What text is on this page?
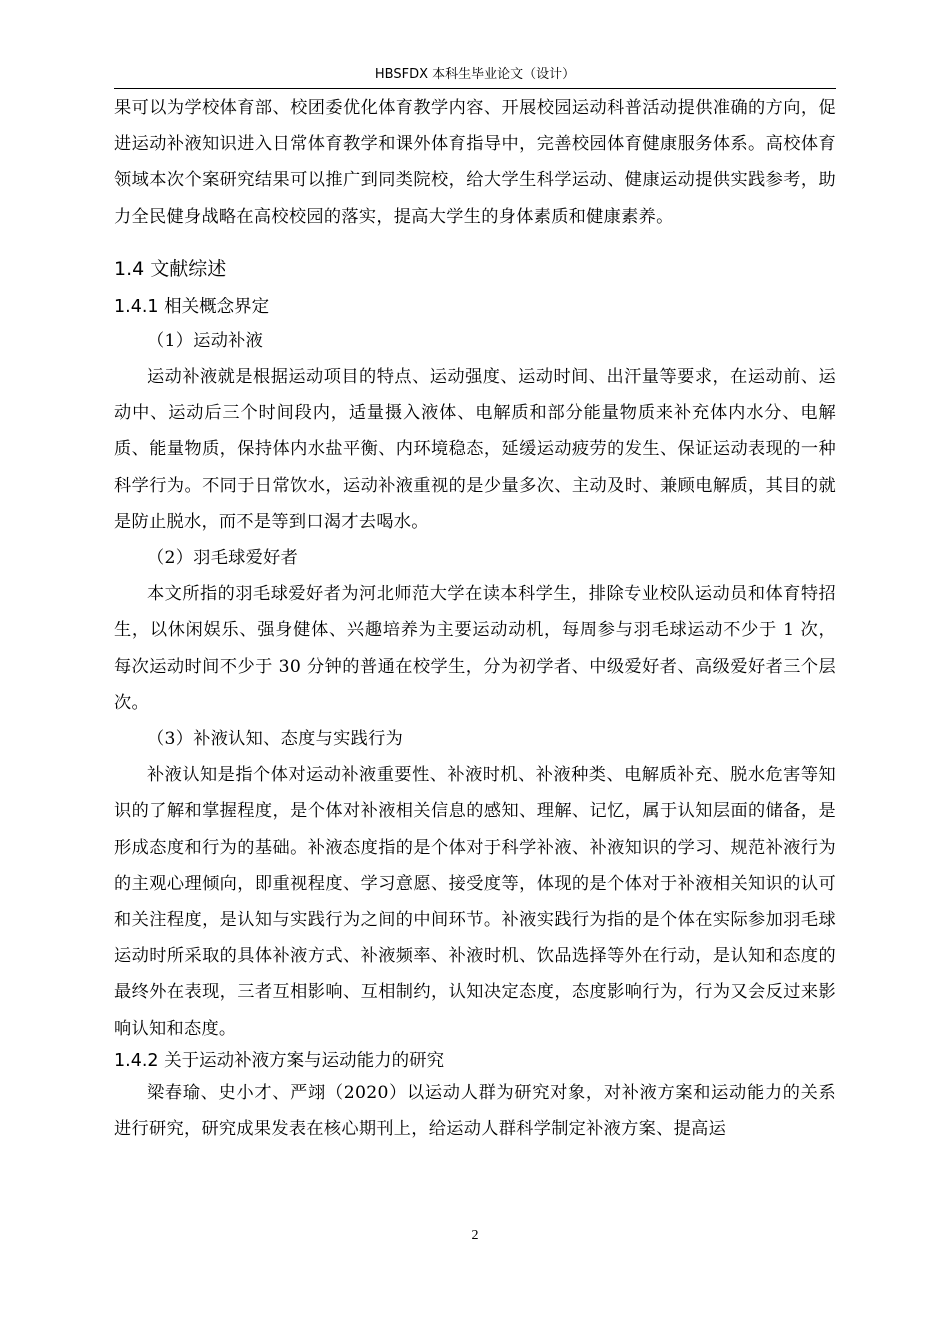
HBSFDX 本科生毕业论文（设计）

果可以为学校体育部、校团委优化体育教学内容、开展校园运动科普活动提供准确的方向，促进运动补液知识进入日常体育教学和课外体育指导中，完善校园体育健康服务体系。高校体育领域本次个案研究结果可以推广到同类院校，给大学生科学运动、健康运动提供实践参考，助力全民健身战略在高校校园的落实，提高大学生的身体素质和健康素养。

1.4 文献综述
1.4.1 相关概念界定

（1）运动补液

运动补液就是根据运动项目的特点、运动强度、运动时间、出汗量等要求，在运动前、运动中、运动后三个时间段内，适量摄入液体、电解质和部分能量物质来补充体内水分、电解质、能量物质，保持体内水盐平衡、内环境稳态，延缓运动疲劳的发生、保证运动表现的一种科学行为。不同于日常饮水，运动补液重视的是少量多次、主动及时、兼顾电解质，其目的就是防止脱水，而不是等到口渴才去喝水。

（2）羽毛球爱好者

本文所指的羽毛球爱好者为河北师范大学在读本科学生，排除专业校队运动员和体育特招生，以休闲娱乐、强身健体、兴趣培养为主要运动动机，每周参与羽毛球运动不少于 1 次，每次运动时间不少于 30 分钟的普通在校学生，分为初学者、中级爱好者、高级爱好者三个层次。

（3）补液认知、态度与实践行为

补液认知是指个体对运动补液重要性、补液时机、补液种类、电解质补充、脱水危害等知识的了解和掌握程度，是个体对补液相关信息的感知、理解、记忆，属于认知层面的储备，是形成态度和行为的基础。补液态度指的是个体对于科学补液、补液知识的学习、规范补液行为的主观心理倾向，即重视程度、学习意愿、接受度等，体现的是个体对于补液相关知识的认可和关注程度，是认知与实践行为之间的中间环节。补液实践行为指的是个体在实际参加羽毛球运动时所采取的具体补液方式、补液频率、补液时机、饮品选择等外在行动，是认知和态度的最终外在表现，三者互相影响、互相制约，认知决定态度，态度影响行为，行为又会反过来影响认知和态度。

1.4.2 关于运动补液方案与运动能力的研究

梁春瑜、史小才、严翊（2020）以运动人群为研究对象，对补液方案和运动能力的关系进行研究，研究成果发表在核心期刊上，给运动人群科学制定补液方案、提高运

2
